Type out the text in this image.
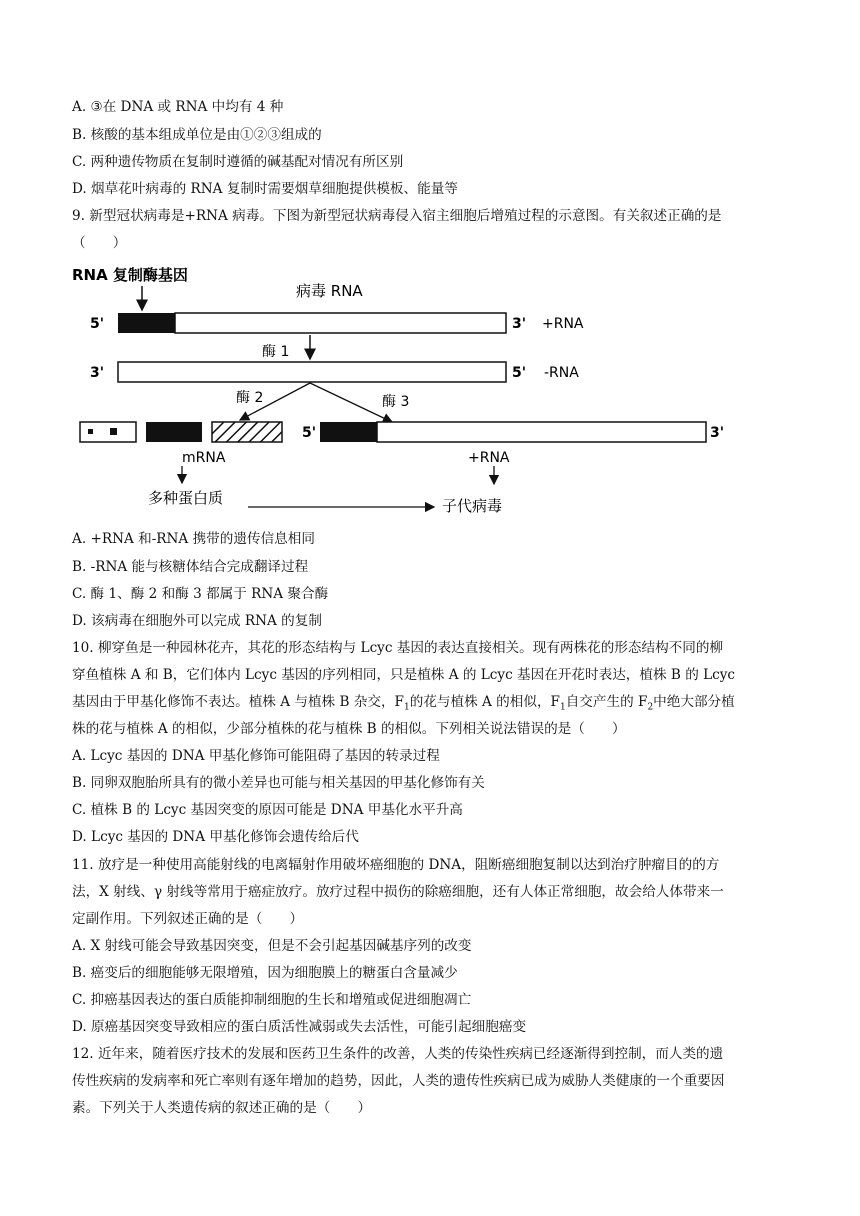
A. ③在 DNA 或 RNA 中均有 4 种
B. 核酸的基本组成单位是由①②③组成的
C. 两种遗传物质在复制时遵循的碱基配对情况有所区别
D. 烟草花叶病毒的 RNA 复制时需要烟草细胞提供模板、能量等
9. 新型冠状病毒是+RNA 病毒。下图为新型冠状病毒侵入宿主细胞后增殖过程的示意图。有关叙述正确的是
（　　）
RNA 复制酶基因
病毒 RNA
5'	3' +RNA
酶 1
3'	5' -RNA
酶 2	酶 3
mRNA
5'	3'
+RNA
多种蛋白质	子代病毒
A. +RNA 和-RNA 携带的遗传信息相同
B. -RNA 能与核糖体结合完成翻译过程
C. 酶 1、酶 2 和酶 3 都属于 RNA 聚合酶
D. 该病毒在细胞外可以完成 RNA 的复制
10. 柳穿鱼是一种园林花卉，其花的形态结构与 Lcyc 基因的表达直接相关。现有两株花的形态结构不同的柳
穿鱼植株 A 和 B，它们体内 Lcyc 基因的序列相同，只是植株 A 的 Lcyc 基因在开花时表达，植株 B 的 Lcyc
基因由于甲基化修饰不表达。植株 A 与植株 B 杂交，$F_1$的花与植株 A 的相似，$F_1$自交产生的 $F_2$中绝大部分植
株的花与植株 A 的相似，少部分植株的花与植株 B 的相似。下列相关说法错误的是（　　）
A. Lcyc 基因的 DNA 甲基化修饰可能阻碍了基因的转录过程
B. 同卵双胞胎所具有的微小差异也可能与相关基因的甲基化修饰有关
C. 植株 B 的 Lcyc 基因突变的原因可能是 DNA 甲基化水平升高
D. Lcyc 基因的 DNA 甲基化修饰会遗传给后代
11. 放疗是一种使用高能射线的电离辐射作用破坏癌细胞的 DNA，阻断癌细胞复制以达到治疗肿瘤目的的方
法，X 射线、γ 射线等常用于癌症放疗。放疗过程中损伤的除癌细胞，还有人体正常细胞，故会给人体带来一
定副作用。下列叙述正确的是（　　）
A. X 射线可能会导致基因突变，但是不会引起基因碱基序列的改变
B. 癌变后的细胞能够无限增殖，因为细胞膜上的糖蛋白含量减少
C. 抑癌基因表达的蛋白质能抑制细胞的生长和增殖或促进细胞凋亡
D. 原癌基因突变导致相应的蛋白质活性减弱或失去活性，可能引起细胞癌变
12. 近年来，随着医疗技术的发展和医药卫生条件的改善，人类的传染性疾病已经逐渐得到控制，而人类的遗
传性疾病的发病率和死亡率则有逐年增加的趋势，因此，人类的遗传性疾病已成为威胁人类健康的一个重要因
素。下列关于人类遗传病的叙述正确的是（　　）
